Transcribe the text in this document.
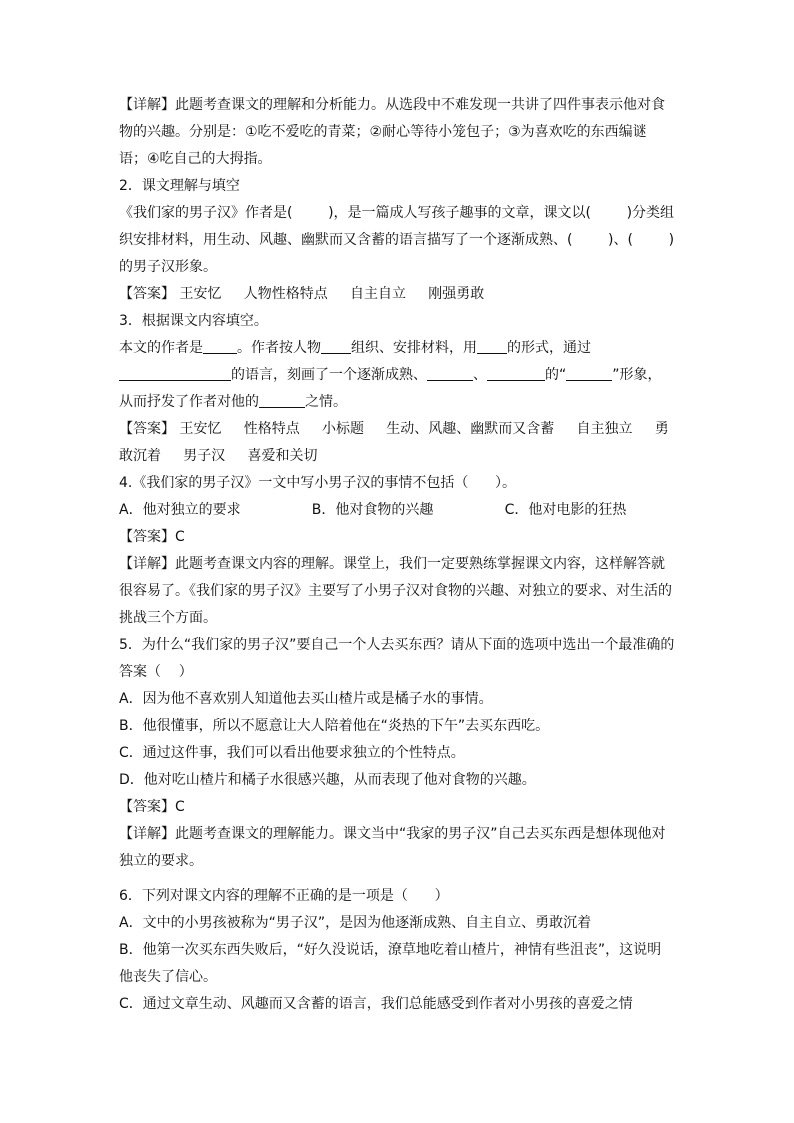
【详解】此题考查课文的理解和分析能力。从选段中不难发现一共讲了四件事表示他对食
物的兴趣。分别是：①吃不爱吃的青菜；②耐心等待小笼包子；③为喜欢吃的东西编谜
语；④吃自己的大拇指。
2．课文理解与填空
《我们家的男子汉》作者是(        )，是一篇成人写孩子趣事的文章，课文以(        )分类组
织安排材料，用生动、风趣、幽默而又含蓄的语言描写了一个逐渐成熟、(        )、(        )
的男子汉形象。
【答案】 王安忆     人物性格特点     自主自立     刚强勇敢
3．根据课文内容填空。
本文的作者是 。作者按人物 组织、安排材料，用 的形式，通过
的语言，刻画了一个逐渐成熟、	、	的“	”形象，
从而抒发了作者对他的	之情。
【答案】 王安忆     性格特点     小标题     生动、风趣、幽默而又含蓄     自主独立     勇
敢沉着     男子汉     喜爱和关切
4.《我们家的男子汉》一文中写小男子汉的事情不包括（      ）。
A．他对独立的要求                B．他对食物的兴趣                C．他对电影的狂热
【答案】C
【详解】此题考查课文内容的理解。课堂上，我们一定要熟练掌握课文内容，这样解答就
很容易了。《我们家的男子汉》主要写了小男子汉对食物的兴趣、对独立的要求、对生活的
挑战三个方面。
5．为什么“我们家的男子汉”要自己一个人去买东西？请从下面的选项中选出一个最准确的
答案（    ）
A．因为他不喜欢别人知道他去买山楂片或是橘子水的事情。
B．他很懂事，所以不愿意让大人陪着他在“炎热的下午”去买东西吃。
C．通过这件事，我们可以看出他要求独立的个性特点。
D．他对吃山楂片和橘子水很感兴趣，从而表现了他对食物的兴趣。
【答案】C
【详解】此题考查课文的理解能力。课文当中“我家的男子汉”自己去买东西是想体现他对
独立的要求。
6．下列对课文内容的理解不正确的是一项是（      ）
A．文中的小男孩被称为“男子汉”，是因为他逐渐成熟、自主自立、勇敢沉着
B．他第一次买东西失败后，“好久没说话，潦草地吃着山楂片，神情有些沮丧”，这说明
他丧失了信心。
C．通过文章生动、风趣而又含蓄的语言，我们总能感受到作者对小男孩的喜爱之情
